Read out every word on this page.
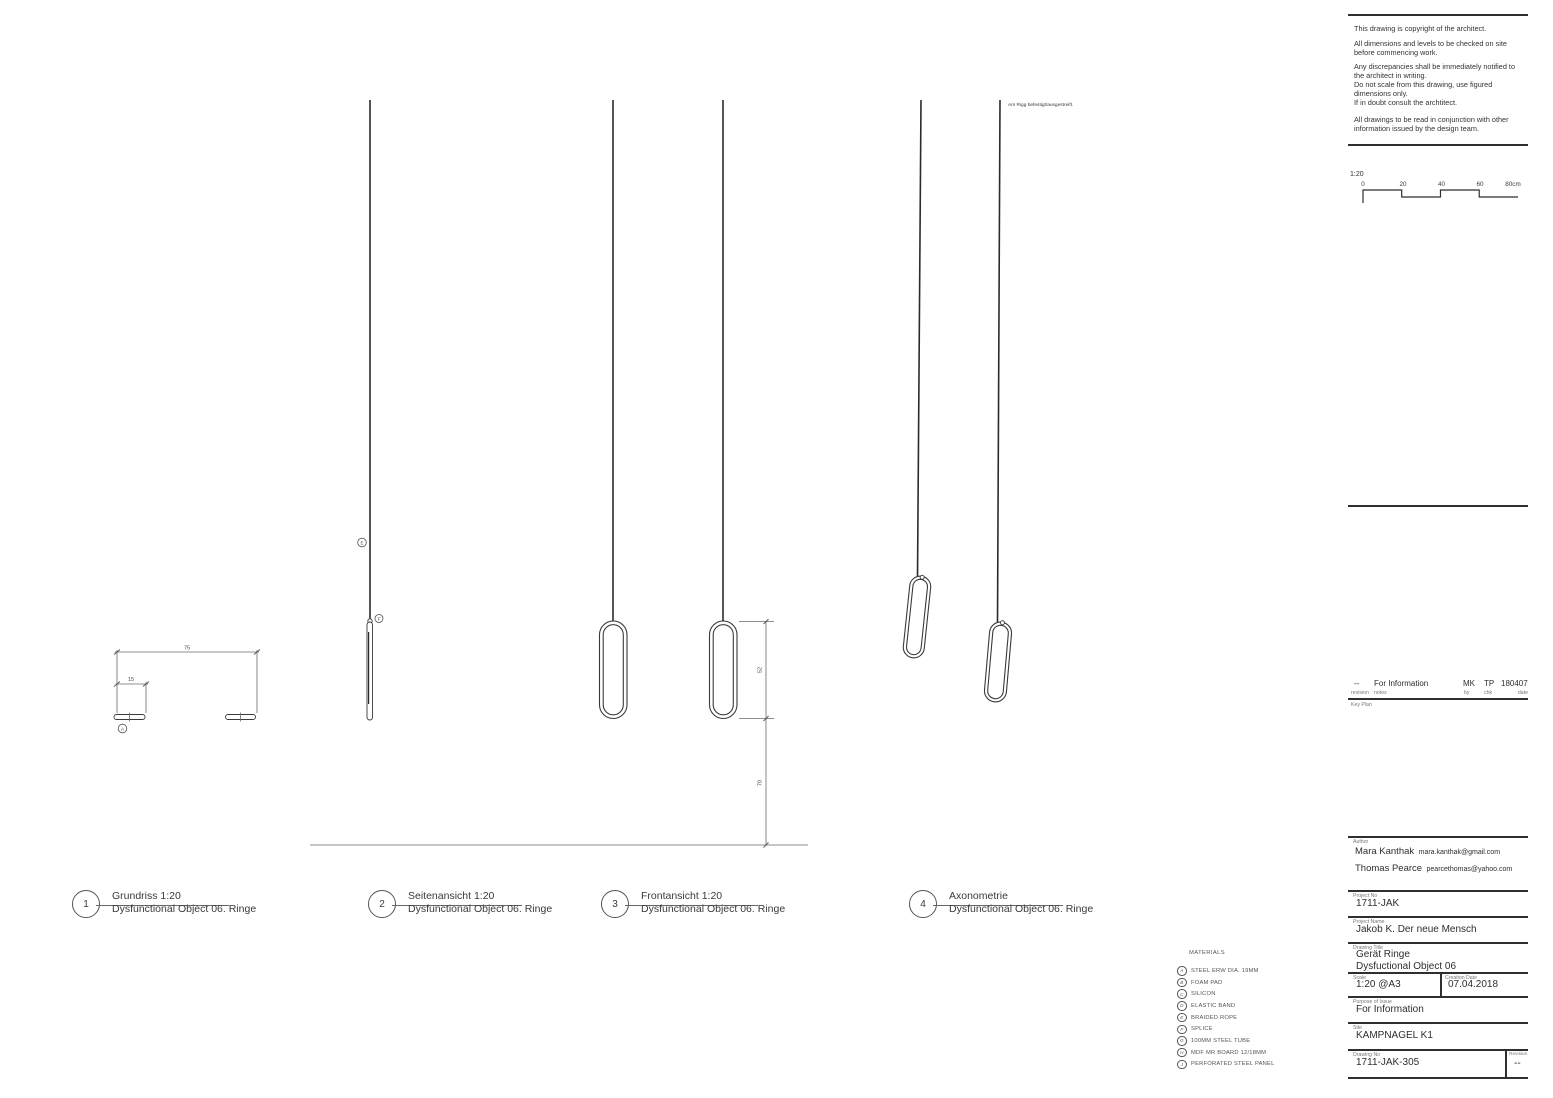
75
15
A
E
F
52
70
Am Rigg befestigt/ausgestreift.
1
Grundriss 1:20
Dysfunctional Object 06. Ringe	2
Seitenansicht 1:20
Dysfunctional Object 06. Ringe	3
Frontansicht 1:20
Dysfunctional Object 06. Ringe	4
Axonometrie
Dysfunctional Object 06. Ringe
MATERIALS
A STEEL ERW DIA. 19MM
B FOAM PAD
C SILICON
D ELASTIC BAND
E BRAIDED ROPE
F SPLICE
G 100MM STEEL TUBE
H MDF MR BOARD 12/18MM
J PERFORATED STEEL PANEL

This drawing is copyright of the architect.

All dimensions and levels to be checked on site before commencing work.

Any discrepancies shall be immediately notified to the architect in writing.

Do not scale from this drawing, use figured dimensions only.

If in doubt consult the archtitect.

All drawings to be read in conjunction with other information issued by the design team.

1:20
0	20	40	60	80cm
-- For Information	MK TP 180407
revision notes	by	chk	date
Key Plan
Author
Mara Kanthak mara.kanthak@gmail.com
Thomas Pearce pearcethomas@yahoo.com
Project No
1711-JAK
Project Name
Jakob K. Der neue Mensch
Drawing Title
Gerät Ringe
Dysfuctional Object 06
Scale
1:20 @A3
Creation Date
07.04.2018
Purpose of Issue
For Information
Site
KAMPNAGEL K1
Drawing No
1711-JAK-305
Revision
--
